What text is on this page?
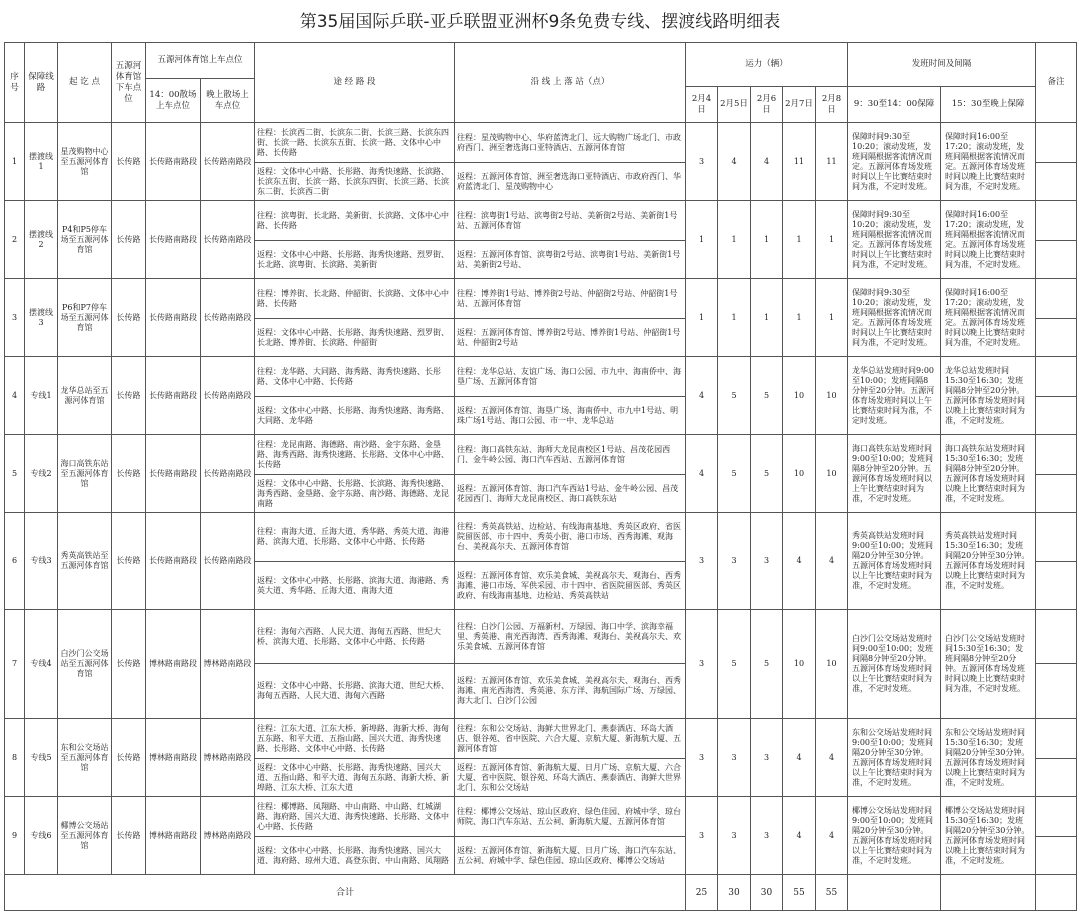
第35届国际乒联-亚乒联盟亚洲杯9条免费专线、摆渡线路明细表
序号	保障线路	起 讫 点	五源河体育馆下车点位	五源河体育馆上车点位		途 经 路 段	沿 线 上 落 站（点）	运力（辆）					发班时间及间隔		备注
				14：00散场上车点位	晚上散场上车点位										
								2月4日	2月5日	2月6日	2月7日	2月8日	9：30至14：00保障	15：30至晚上保障	
1	摆渡线1	星茂购物中心至五源河体育馆	长传路	长传路南路段	长传路南路段	往程：长滨西二街、长滨东二街、长滨三路、长滨东四街、长滨一路、长滨东五街、长滨一路、文体中心中路、长传路	往程：星茂购物中心、华府蓝湾北门、远大购物广场北门、市政府西门、洲至奢选海口亚特酒店、五源河体育馆	3	4	4	11	11	保障时间9:30至10:20；滚动发班，发班间隔根据客流情况而定。五源河体育场发班时间以上午比赛结束时间为准，不定时发班。	保障时间16:00至17:20；滚动发班，发班间隔根据客流情况而定。五源河体育场发班时间以晚上比赛结束时间为准，不定时发班。	
						返程：文体中心中路、长彤路、海秀快速路、长滨路、长滨东五街、长滨一路、长滨东四街、长滨三路、长滨东二街、长滨西二街	返程：五源河体育馆、洲至奢选海口亚特酒店、市政府西门、华府蓝湾北门、星茂购物中心								
2	摆渡线2	P4和P5停车场至五源河体育馆	长传路	长传路南路段	长传路南路段	往程：滨粤街、长北路、美新街、长滨路、文体中心中路、长传路	往程：滨粤街1号站、滨粤街2号站、美新街2号站、美新街1号站、五源河体育馆	1	1	1	1	1	保障时间9:30至10:20；滚动发班，发班间隔根据客流情况而定。五源河体育场发班时间以上午比赛结束时间为准，不定时发班。	保障时间16:00至17:20；滚动发班，发班间隔根据客流情况而定。五源河体育场发班时间以晚上比赛结束时间为准，不定时发班。	
						返程：文体中心中路、长彤路、海秀快速路、烈罗街、长北路、滨粤街、长滨路、美新街	返程：五源河体育馆、滨粤街2号站、滨粤街1号站、美新街1号站、美新街2号站、								
3	摆渡线3	P6和P7停车场至五源河体育馆	长传路	长传路南路段	长传路南路段	往程：博养街、长北路、仲韶街、长滨路、文体中心中路、长传路	往程：博养街1号站、博养街2号站、仲韶街2号站、仲韶街1号站、五源河体育馆	1	1	1	1	1	保障时间9:30至10:20；滚动发班，发班间隔根据客流情况而定。五源河体育场发班时间以上午比赛结束时间为准，不定时发班。	保障时间16:00至17:20；滚动发班，发班间隔根据客流情况而定。五源河体育场发班时间以晚上比赛结束时间为准，不定时发班。	
						返程：文体中心中路、长彤路、海秀快速路、烈罗街、长北路、博养街、长滨路、仲韶街	返程：五源河体育馆、博养街2号站、博养街1号站、仲韶街1号站、仲韶街2号站								
4	专线1	龙华总站至五源河体育馆	长传路	长传路南路段	长传路南路段	往程：龙华路、大同路、海秀路、海秀快速路、长彤路、文体中心中路、长传路	往程：龙华总站、友谊广场、海口公园、市九中、海南侨中、海垦广场、五源河体育馆	4	5	5	10	10	龙华总站发班时间9:00至10:00；发班间隔8分钟至20分钟。五源河体育场发班时间以上午比赛结束时间为准，不定时发班。	龙华总站发班时间15:30至16:30；发班间隔8分钟至20分钟。五源河体育场发班时间以晚上比赛结束时间为准，不定时发班。	
						返程：文体中心中路、长彤路、海秀快速路、海秀路、大同路、龙华路	返程：五源河体育馆、海垦广场、海南侨中、市九中1号站、明珠广场1号站、海口公园、市一中、龙华总站								
5	专线2	海口高铁东站至五源河体育馆	长传路	长传路南路段	长传路南路段	往程：龙昆南路、海德路、南沙路、金宇东路、金垦路、海秀西路、海秀快速路、长彤路、文体中心中路、长传路	往程：海口高铁东站、海师大龙昆南校区1号站、昌茂花园西门、金牛岭公园、海口汽车西站、五源河体育馆	4	5	5	10	10	海口高铁东站发班时间9:00至10:00；发班间隔8分钟至20分钟。五源河体育场发班时间以上午比赛结束时间为准，不定时发班。	海口高铁东站发班时间15:30至16:30；发班间隔8分钟至20分钟。五源河体育场发班时间以晚上比赛结束时间为准，不定时发班。	
						返程：文体中心中路、长彤路、长滨路、海秀快速路、海秀西路、金垦路、金宇东路、南沙路、海德路、龙昆南路	返程：五源河体育馆、海口汽车西站1号站、金牛岭公园、昌茂花园西门、海师大龙昆南校区、海口高铁东站								
6	专线3	秀英高铁站至五源河体育馆	长传路	长传路南路段	长传路南路段	往程：南海大道、丘海大道、秀华路、秀英大道、海港路、滨海大道、长彤路、文体中心中路、长传路	往程：秀英高铁站、边检站、有线海南基地、秀英区政府、省医院留医部、市十四中、秀英小街、港口市场、西秀海滩、观海台、美视高尔夫、五源河体育馆	3	3	3	4	4	秀英高铁站发班时间9:00至10:00；发班间隔20分钟至30分钟。五源河体育场发班时间以上午比赛结束时间为准，不定时发班。	秀英高铁站发班时间15:30至16:30；发班间隔20分钟至30分钟。五源河体育场发班时间以晚上比赛结束时间为准，不定时发班。	
						返程：文体中心中路、长彤路、滨海大道、海港路、秀英大道、秀华路、丘海大道、南海大道	返程：五源河体育馆、欢乐美食城、美视高尔夫、观海台、西秀海滩、港口市场、军供采园、市十四中、省医院留医部、秀英区政府、有线海南基地、边检站、秀英高铁站								
7	专线4	白沙门公交场站至五源河体育馆	长传路	博林路南路段	博林路南路段	往程：海甸六西路、人民大道、海甸五西路、世纪大桥、滨海大道、长彤路、文体中心中路、长传路	往程：白沙门公园、万福新村、万绿园、海口中学、滨海幸福里、秀英港、南光西海湾、西秀海滩、观海台、美视高尔夫、欢乐美食城、五源河体育馆	3	5	5	10	10	白沙门公交场站发班时间9:00至10:00；发班间隔8分钟至20分钟。五源河体育场发班时间以上午比赛结束时间为准，不定时发班。	白沙门公交场站发班时间15:30至16:30；发班间隔8分钟至20分钟。五源河体育场发班时间以晚上比赛结束时间为准，不定时发班。	
						返程：文体中心中路、长彤路、滨海大道、世纪大桥、海甸五西路、人民大道、海甸六西路	返程：五源河体育馆、欢乐美食城、美视高尔夫、观海台、西秀海滩、南光西海湾、秀英港、东方洋、海航国际广场、万绿园、海大北门、白沙门公园								
8	专线5	东和公交场站至五源河体育馆	长传路	博林路南路段	博林路南路段	往程：江东大道、江东大桥、新埠路、海新大桥、海甸五东路、和平大道、五指山路、国兴大道、海秀快速路、长彤路、文体中心中路、长传路	往程：东和公交场站、海鲜大世界北门、燕泰酒店、环岛大酒店、银谷苑、省中医院、六合大厦、京航大厦、新海航大厦、五源河体育馆	3	3	3	4	4	东和公交场站发班时间9:00至10:00；发班间隔20分钟至30分钟。五源河体育场发班时间以上午比赛结束时间为准，不定时发班。	东和公交场站发班时间15:30至16:30；发班间隔20分钟至30分钟。五源河体育场发班时间以晚上比赛结束时间为准，不定时发班。	
						返程：文体中心中路、长彤路、海秀快速路、国兴大道、五指山路、和平大道、海甸五东路、海新大桥、新埠路、江东大桥、江东大道	返程：五源河体育馆、新海航大厦、日月广场、京航大厦、六合大厦、省中医院、银谷苑、环岛大酒店、燕泰酒店、海鲜大世界北门、东和公交场站								
9	专线6	椰博公交场站至五源河体育馆	长传路	博林路南路段	博林路南路段	往程：椰博路、凤翔路、中山南路、中山路、红城湖路、海府路、国兴大道、海秀快速路、长彤路、文体中心中路、长传路	往程：椰博公交场站、琼山区政府、绿色佳园、府城中学、琼台师院、海口汽车东站、五公祠、新海航大厦、五源河体育馆	3	3	3	4	4	椰博公交场站发班时间9:00至10:00；发班间隔20分钟至30分钟。五源河体育场发班时间以上午比赛结束时间为准，不定时发班。	椰博公交场站发班时间15:30至16:30；发班间隔20分钟至30分钟。五源河体育场发班时间以晚上比赛结束时间为准，不定时发班。	
						返程：文体中心中路、长彤路、海秀快速路、国兴大道、海府路、琼州大道、高登东街、中山南路、凤翔路	返程：五源河体育馆、新海航大厦、日月广场、海口汽车东站、五公祠、府城中学、绿色佳园、琼山区政府、椰博公交场站								
合计								25	30	30	55	55			
